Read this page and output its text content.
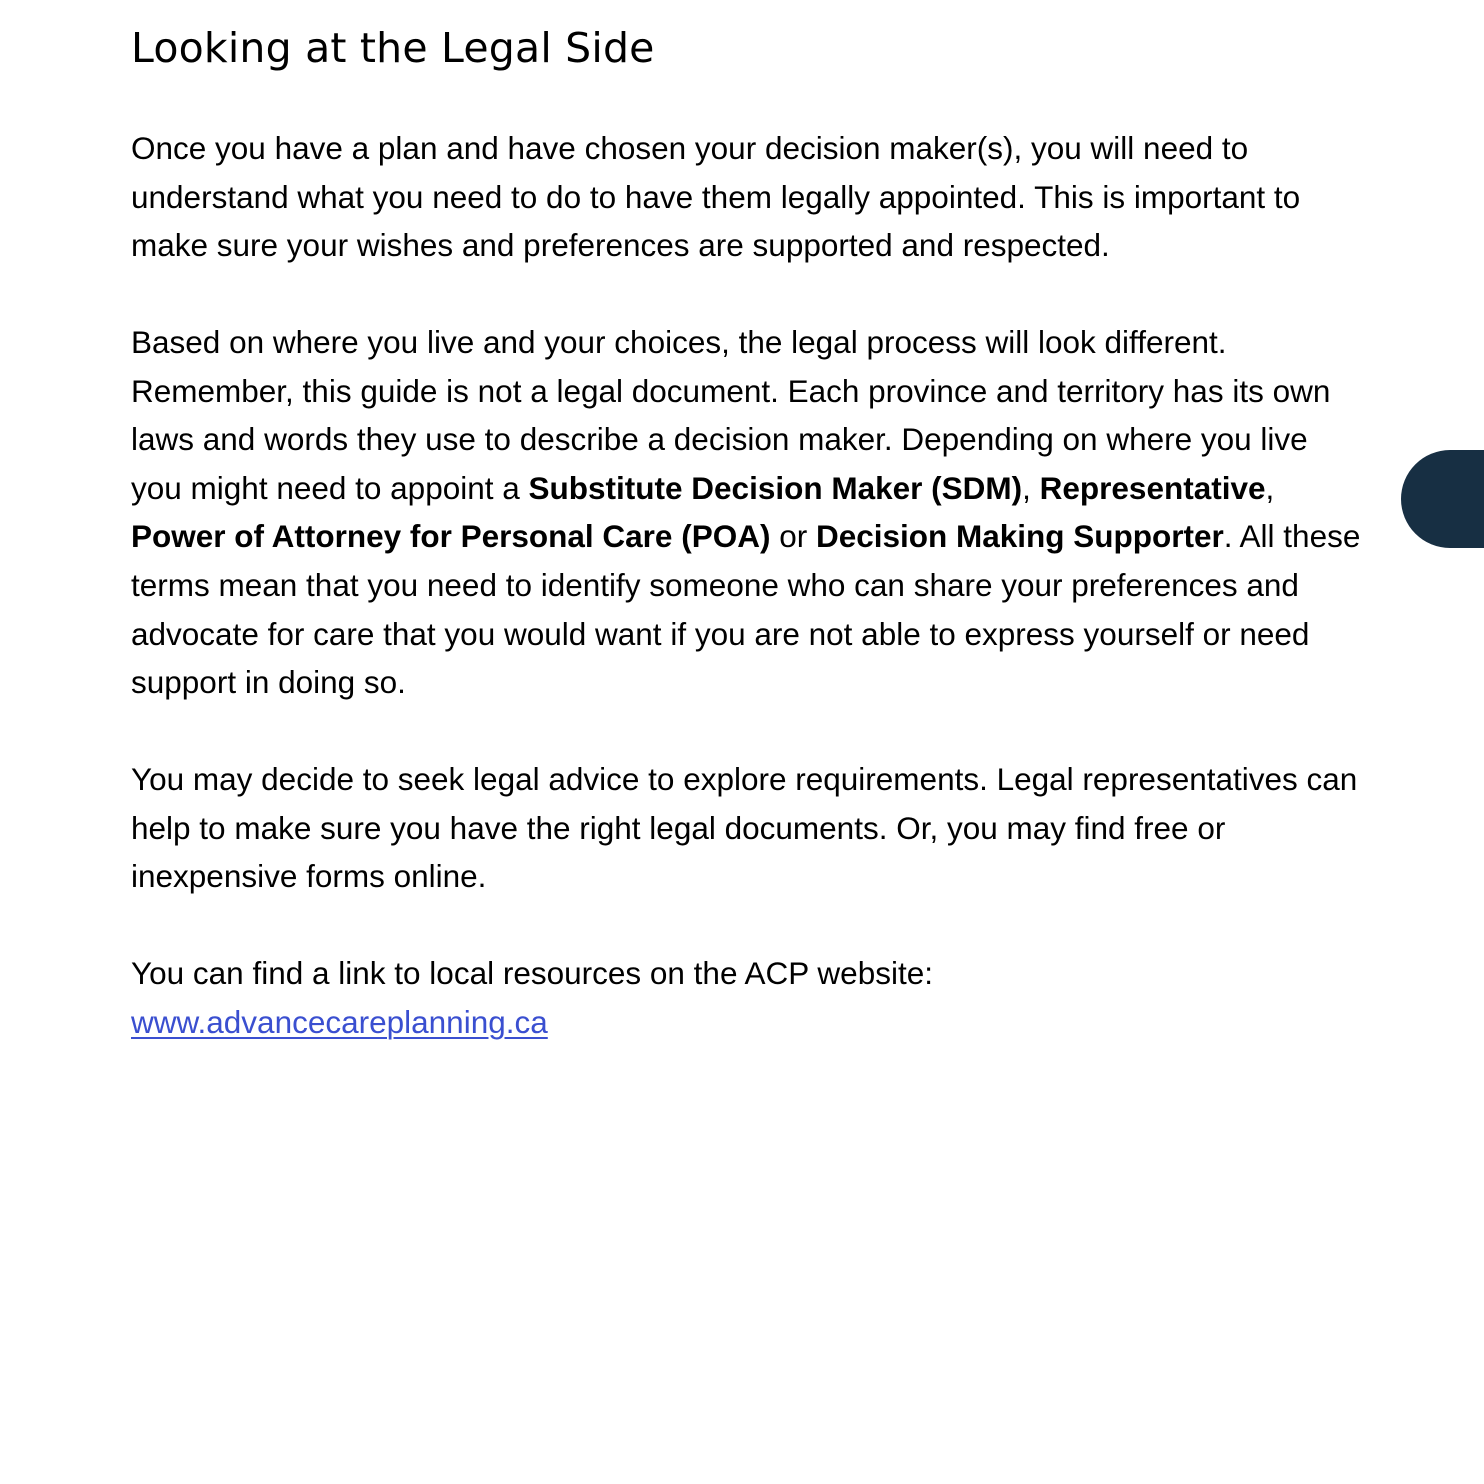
Looking at the Legal Side

Once you have a plan and have chosen your decision maker(s), you will need to understand what you need to do to have them legally appointed. This is important to make sure your wishes and preferences are supported and respected.

Based on where you live and your choices, the legal process will look different. Remember, this guide is not a legal document. Each province and territory has its own laws and words they use to describe a decision maker. Depending on where you live you might need to appoint a Substitute Decision Maker (SDM), Representative, Power of Attorney for Personal Care (POA) or Decision Making Supporter. All these terms mean that you need to identify someone who can share your preferences and advocate for care that you would want if you are not able to express yourself or need support in doing so.

You may decide to seek legal advice to explore requirements. Legal representatives can help to make sure you have the right legal documents. Or, you may find free or inexpensive forms online.

You can find a link to local resources on the ACP website:
www.advancecareplanning.ca
